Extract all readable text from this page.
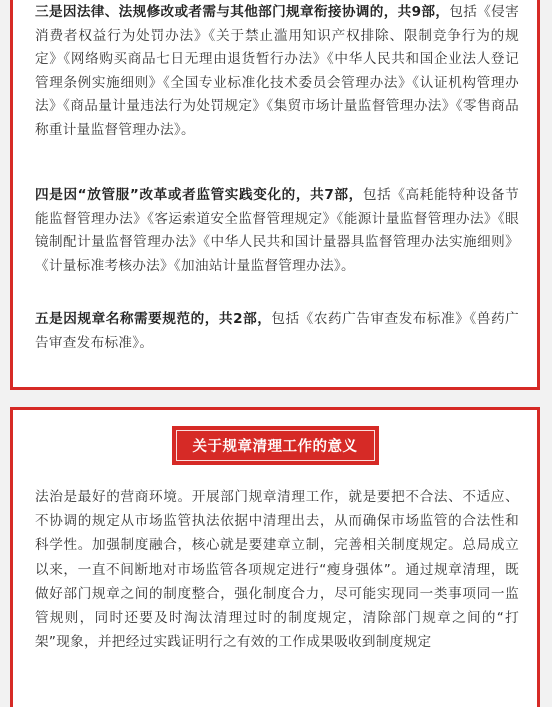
三是因法律、法规修改或者需与其他部门规章衔接协调的，共9部，包括《侵害消费者权益行为处罚办法》《关于禁止滥用知识产权排除、限制竞争行为的规定》《网络购买商品七日无理由退货暂行办法》《中华人民共和国企业法人登记管理条例实施细则》《全国专业标准化技术委员会管理办法》《认证机构管理办法》《商品量计量违法行为处罚规定》《集贸市场计量监督管理办法》《零售商品称重计量监督管理办法》。

四是因“放管服”改革或者监管实践变化的，共7部，包括《高耗能特种设备节能监督管理办法》《客运索道安全监督管理规定》《能源计量监督管理办法》《眼镜制配计量监督管理办法》《中华人民共和国计量器具监督管理办法实施细则》《计量标准考核办法》《加油站计量监督管理办法》。

五是因规章名称需要规范的，共2部，包括《农药广告审查发布标准》《兽药广告审查发布标准》。

关于规章清理工作的意义

法治是最好的营商环境。开展部门规章清理工作，就是要把不合法、不适应、不协调的规定从市场监管执法依据中清理出去，从而确保市场监管的合法性和科学性。加强制度融合，核心就是要建章立制，完善相关制度规定。总局成立以来，一直不间断地对市场监管各项规定进行“瘦身强体”。通过规章清理，既做好部门规章之间的制度整合，强化制度合力，尽可能实现同一类事项同一监管规则，同时还要及时淘汰清理过时的制度规定，清除部门规章之间的“打架”现象，并把经过实践证明行之有效的工作成果吸收到制度规定
